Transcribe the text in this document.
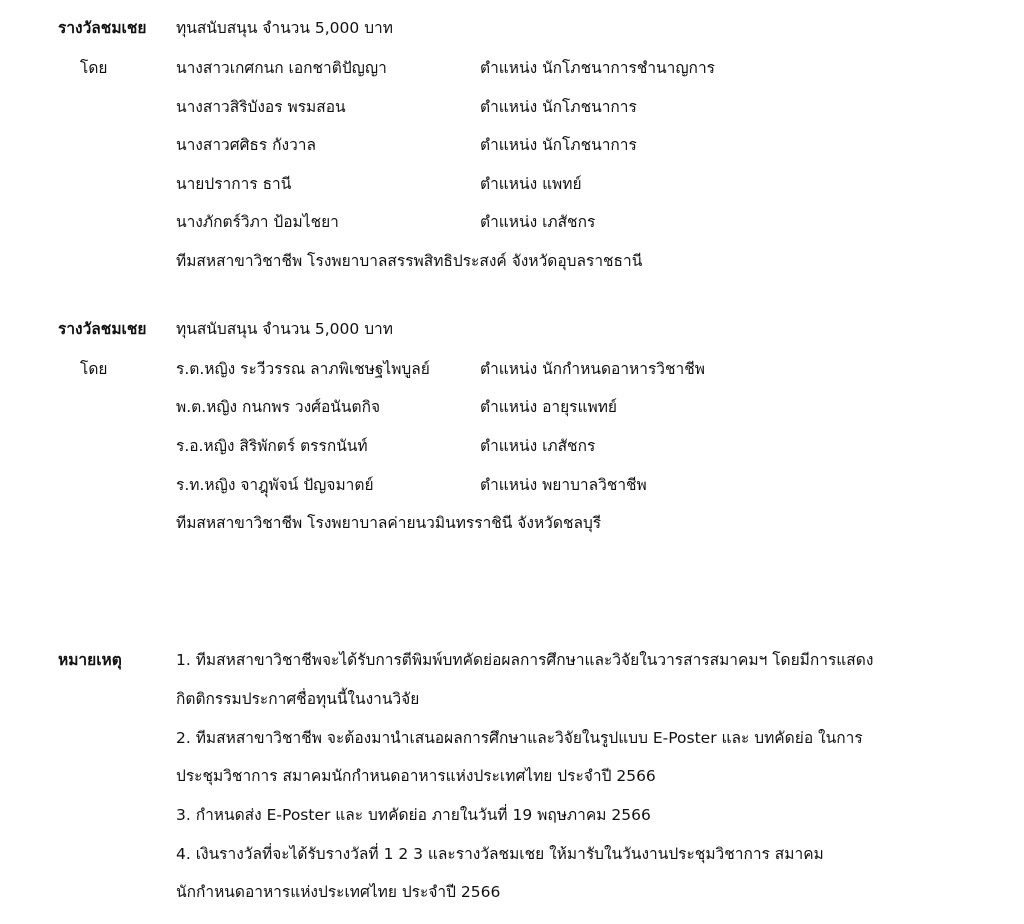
รางวัลชมเชย ทุนสนับสนุน จำนวน 5,000 บาท
โดย	นางสาวเกศกนก เอกชาติปัญญา	ตำแหน่ง นักโภชนาการชำนาญการ
นางสาวสิริบังอร พรมสอน	ตำแหน่ง นักโภชนาการ
นางสาวศศิธร กังวาล	ตำแหน่ง นักโภชนาการ
นายปราการ ธานี	ตำแหน่ง แพทย์
นางภักตร์วิภา ป้อมไชยา	ตำแหน่ง เภสัชกร
ทีมสหสาขาวิชาชีพ โรงพยาบาลสรรพสิทธิประสงค์ จังหวัดอุบลราชธานี
รางวัลชมเชย ทุนสนับสนุน จำนวน 5,000 บาท
โดย	ร.ต.หญิง ระวีวรรณ ลาภพิเชษฐไพบูลย์	ตำแหน่ง นักกำหนดอาหารวิชาชีพ
พ.ต.หญิง กนกพร วงศ์อนันตกิจ	ตำแหน่ง อายุรแพทย์
ร.อ.หญิง สิริพักตร์ ตรรกนันท์	ตำแหน่ง เภสัชกร
ร.ท.หญิง จาฎุพัจน์ ปัญจมาตย์	ตำแหน่ง พยาบาลวิชาชีพ
ทีมสหสาขาวิชาชีพ โรงพยาบาลค่ายนวมินทรราชินี จังหวัดชลบุรี
หมายเหตุ	1. ทีมสหสาขาวิชาชีพจะได้รับการตีพิมพ์บทคัดย่อผลการศึกษาและวิจัยในวารสารสมาคมฯ โดยมีการแสดง
กิตติกรรมประกาศชื่อทุนนี้ในงานวิจัย
2. ทีมสหสาขาวิชาชีพ จะต้องมานำเสนอผลการศึกษาและวิจัยในรูปแบบ E-Poster และ บทคัดย่อ ในการ
ประชุมวิชาการ สมาคมนักกำหนดอาหารแห่งประเทศไทย ประจำปี 2566
3. กำหนดส่ง E-Poster และ บทคัดย่อ ภายในวันที่ 19 พฤษภาคม 2566
4. เงินรางวัลที่จะได้รับรางวัลที่ 1 2 3 และรางวัลชมเชย ให้มารับในวันงานประชุมวิชาการ สมาคม
นักกำหนดอาหารแห่งประเทศไทย ประจำปี 2566
